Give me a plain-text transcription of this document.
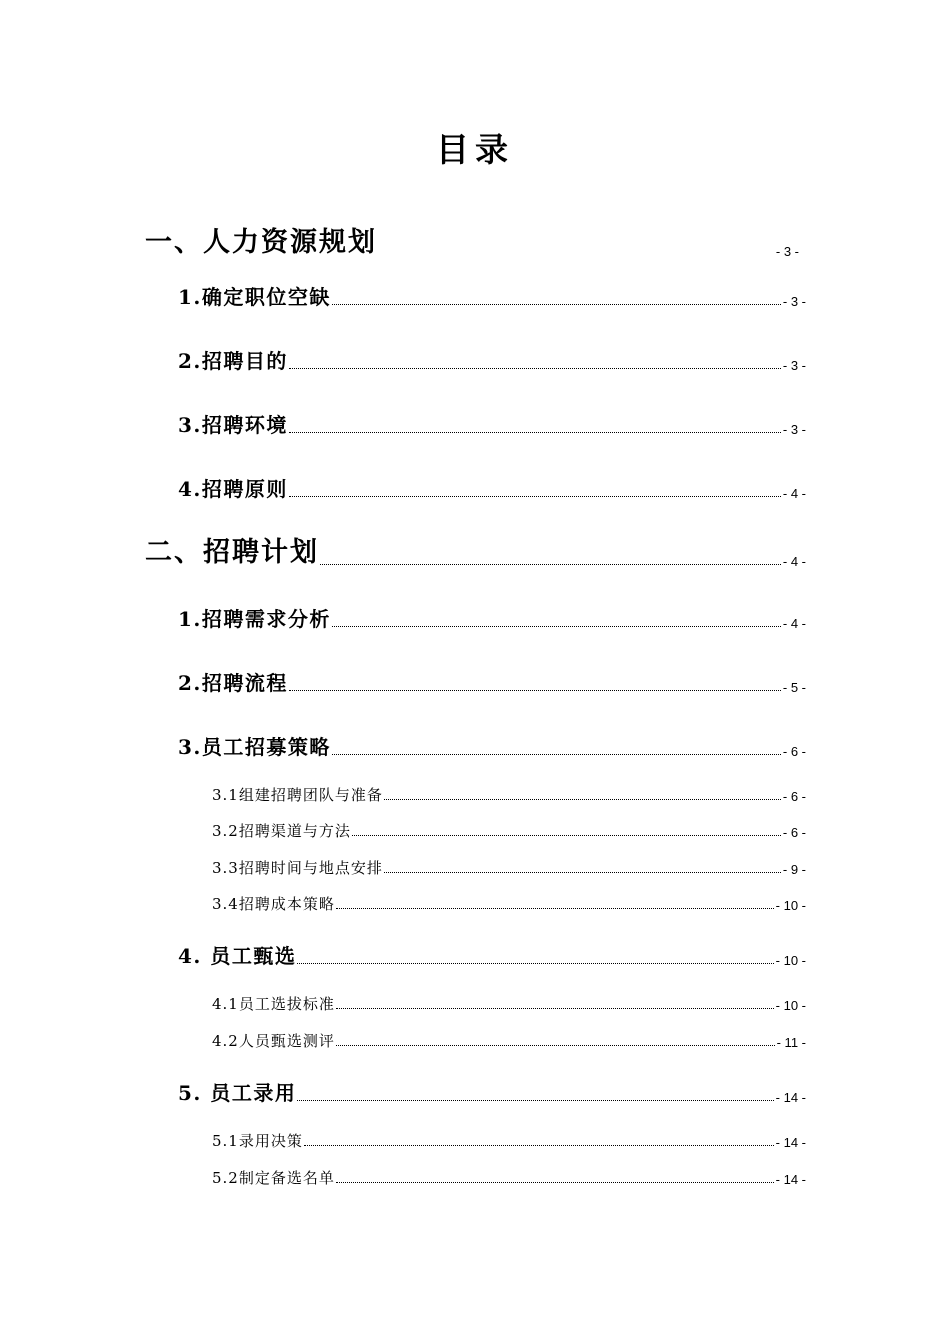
目录
一、人力资源规划	- 3 -
1.确定职位空缺	- 3 -
2.招聘目的	- 3 -
3.招聘环境	- 3 -
4.招聘原则	- 4 -
二、招聘计划	- 4 -
1.招聘需求分析	- 4 -
2.招聘流程	- 5 -
3.员工招募策略	- 6 -
3.1组建招聘团队与准备	- 6 -
3.2招聘渠道与方法	- 6 -
3.3招聘时间与地点安排	- 9 -
3.4招聘成本策略	- 10 -
4. 员工甄选	- 10 -
4.1员工选拔标准	- 10 -
4.2人员甄选测评	- 11 -
5. 员工录用	- 14 -
5.1录用决策	- 14 -
5.2制定备选名单	- 14 -
